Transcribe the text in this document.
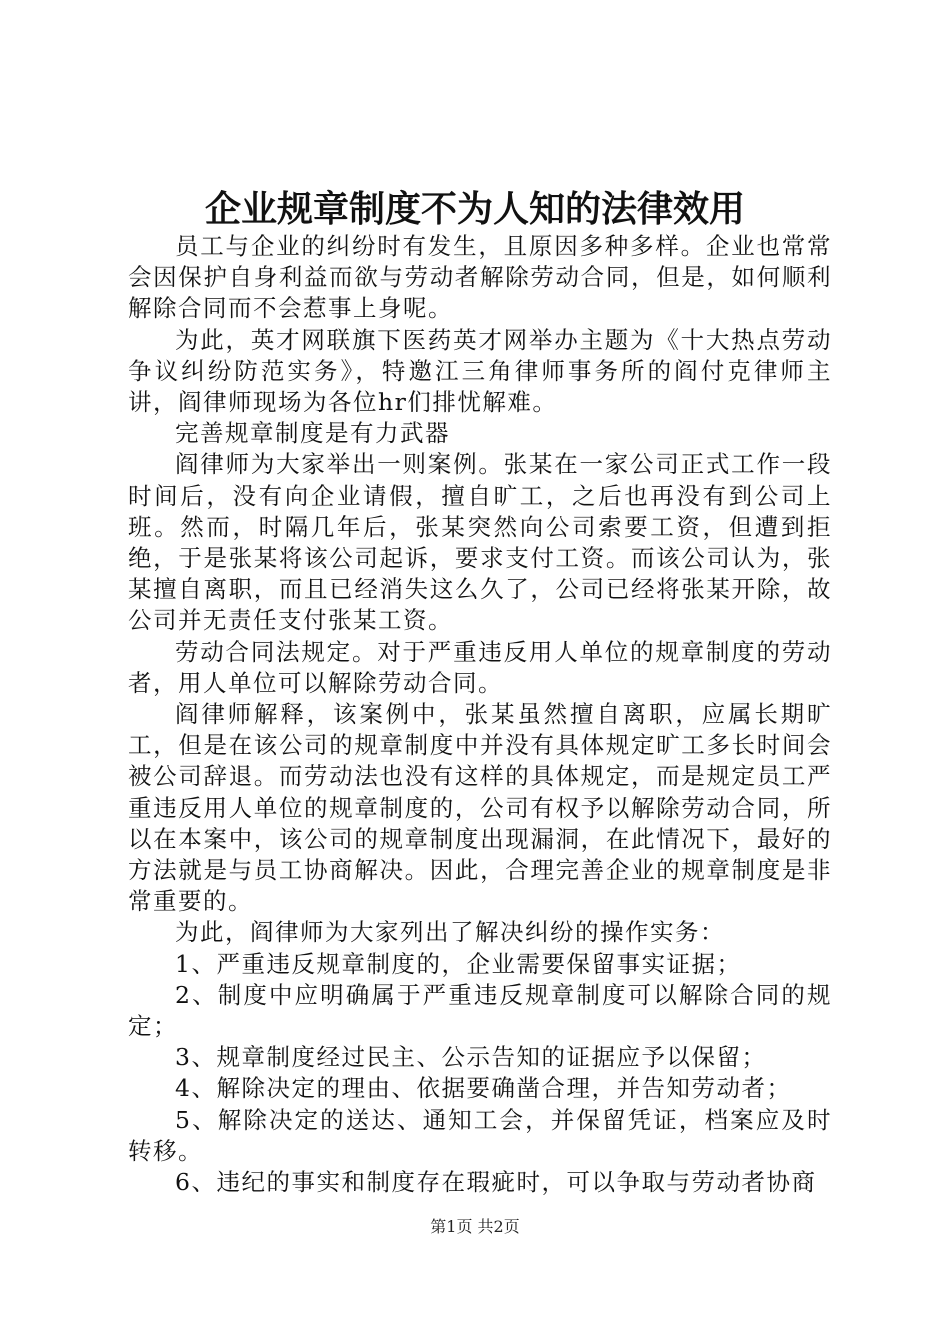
企业规章制度不为人知的法律效用

员工与企业的纠纷时有发生，且原因多种多样。企业也常常会因保护自身利益而欲与劳动者解除劳动合同，但是，如何顺利解除合同而不会惹事上身呢。

为此，英才网联旗下医药英才网举办主题为《十大热点劳动争议纠纷防范实务》，特邀江三角律师事务所的阎付克律师主讲，阎律师现场为各位hr们排忧解难。

完善规章制度是有力武器

阎律师为大家举出一则案例。张某在一家公司正式工作一段时间后，没有向企业请假，擅自旷工，之后也再没有到公司上班。然而，时隔几年后，张某突然向公司索要工资，但遭到拒绝，于是张某将该公司起诉，要求支付工资。而该公司认为，张某擅自离职，而且已经消失这么久了，公司已经将张某开除，故公司并无责任支付张某工资。

劳动合同法规定。对于严重违反用人单位的规章制度的劳动者，用人单位可以解除劳动合同。

阎律师解释，该案例中，张某虽然擅自离职，应属长期旷工，但是在该公司的规章制度中并没有具体规定旷工多长时间会被公司辞退。而劳动法也没有这样的具体规定，而是规定员工严重违反用人单位的规章制度的，公司有权予以解除劳动合同，所以在本案中，该公司的规章制度出现漏洞，在此情况下，最好的方法就是与员工协商解决。因此，合理完善企业的规章制度是非常重要的。

为此，阎律师为大家列出了解决纠纷的操作实务：

1、严重违反规章制度的，企业需要保留事实证据；

2、制度中应明确属于严重违反规章制度可以解除合同的规定；

3、规章制度经过民主、公示告知的证据应予以保留；

4、解除决定的理由、依据要确凿合理，并告知劳动者；

5、解除决定的送达、通知工会，并保留凭证，档案应及时转移。

6、违纪的事实和制度存在瑕疵时，可以争取与劳动者协商

第1页 共2页
